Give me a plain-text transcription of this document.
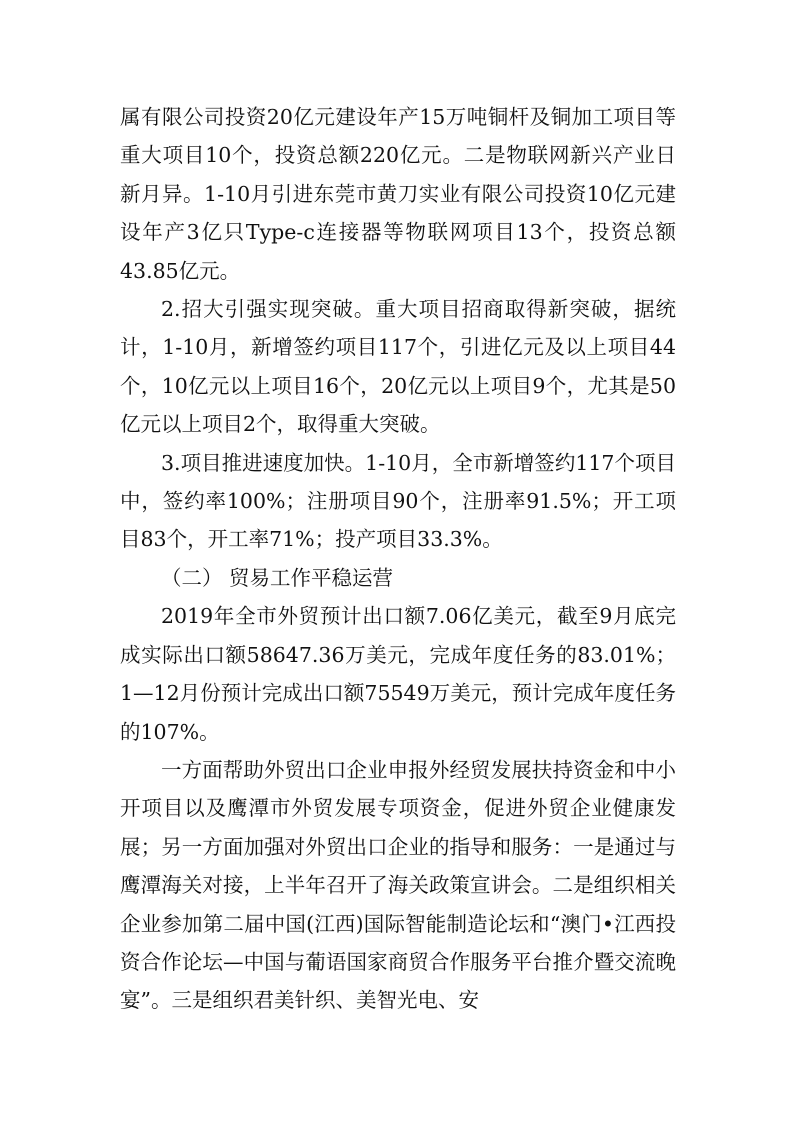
属有限公司投资20亿元建设年产15万吨铜杆及铜加工项目等重大项目10个，投资总额220亿元。二是物联网新兴产业日新月异。1-10月引进东莞市黄刀实业有限公司投资10亿元建设年产3亿只Type-c连接器等物联网项目13个，投资总额43.85亿元。

2.招大引强实现突破。重大项目招商取得新突破，据统计，1-10月，新增签约项目117个，引进亿元及以上项目44个，10亿元以上项目16个，20亿元以上项目9个，尤其是50亿元以上项目2个，取得重大突破。

3.项目推进速度加快。1-10月，全市新增签约117个项目中，签约率100%；注册项目90个，注册率91.5%；开工项目83个，开工率71%；投产项目33.3%。

（二） 贸易工作平稳运营

2019年全市外贸预计出口额7.06亿美元，截至9月底完成实际出口额58647.36万美元，完成年度任务的83.01%；1—12月份预计完成出口额75549万美元，预计完成年度任务的107%。

一方面帮助外贸出口企业申报外经贸发展扶持资金和中小开项目以及鹰潭市外贸发展专项资金，促进外贸企业健康发展；另一方面加强对外贸出口企业的指导和服务：一是通过与鹰潭海关对接，上半年召开了海关政策宣讲会。二是组织相关企业参加第二届中国(江西)国际智能制造论坛和“澳门•江西投资合作论坛—中国与葡语国家商贸合作服务平台推介暨交流晚宴”。三是组织君美针织、美智光电、安
